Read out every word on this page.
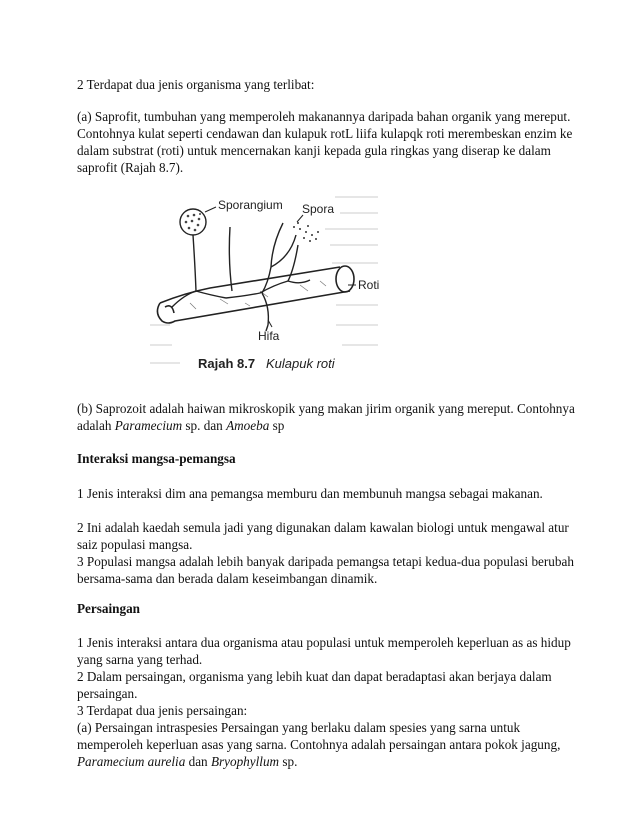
2 Terdapat dua jenis organisma yang terlibat:

(a) Saprofit, tumbuhan yang memperoleh makanannya daripada bahan organik yang mereput. Contohnya kulat seperti cendawan dan kulapuk rotL liifa kulapqk roti merembeskan enzim ke dalam substrat (roti) untuk mencernakan kanji kepada gula ringkas yang diserap ke dalam saprofit (Rajah 8.7).

Sporangium Spora
Roti
Hifa
Rajah 8.7 Kulapuk roti

(b) Saprozoit adalah haiwan mikroskopik yang makan jirim organik yang mereput. Contohnya adalah Paramecium sp. dan Amoeba sp

Interaksi mangsa-pemangsa

1 Jenis interaksi dim ana pemangsa memburu dan membunuh mangsa sebagai makanan.

2 Ini adalah kaedah semula jadi yang digunakan dalam kawalan biologi untuk mengawal atur saiz populasi mangsa.

3 Populasi mangsa adalah lebih banyak daripada pemangsa tetapi kedua-dua populasi berubah bersama-sama dan berada dalam keseimbangan dinamik.

Persaingan

1 Jenis interaksi antara dua organisma atau populasi untuk memperoleh keperluan as as hidup yang sarna yang terhad.

2 Dalam persaingan, organisma yang lebih kuat dan dapat beradaptasi akan berjaya dalam persaingan.

3 Terdapat dua jenis persaingan:

(a) Persaingan intraspesies Persaingan yang berlaku dalam spesies yang sarna untuk memperoleh keperluan asas yang sarna. Contohnya adalah persaingan antara pokok jagung, Paramecium aurelia dan Bryophyllum sp.
